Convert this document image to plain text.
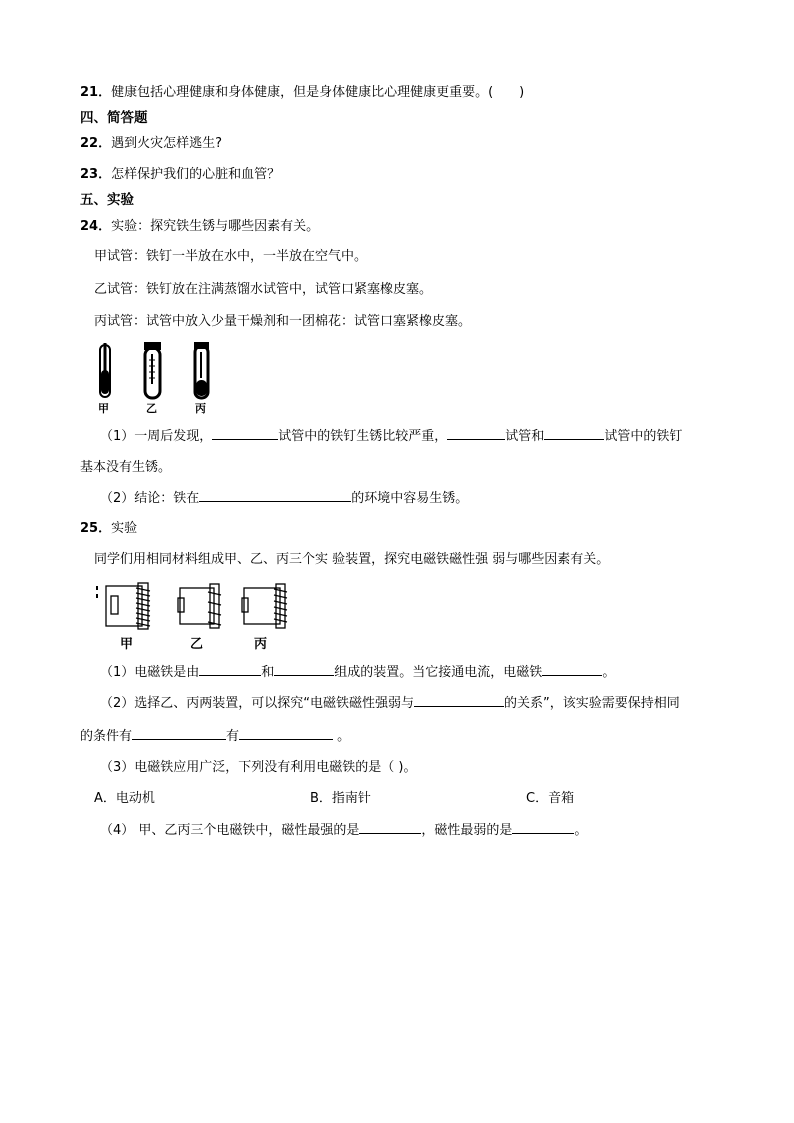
21．健康包括心理健康和身体健康，但是身体健康比心理健康更重要。( )
四、简答题
22．遇到火灾怎样逃生?
23．怎样保护我们的心脏和血管？
五、实验
24．实验：探究铁生锈与哪些因素有关。
甲试管：铁钉一半放在水中，一半放在空气中。
乙试管：铁钉放在注满蒸馏水试管中，试管口紧塞橡皮塞。
丙试管：试管中放入少量干燥剂和一团棉花：试管口塞紧橡皮塞。
甲	乙	丙
（1）一周后发现，	试管中的铁钉生锈比较严重，	试管和	试管中的铁钉
基本没有生锈。
（2）结论：铁在	的环境中容易生锈。
25．实验
同学们用相同材料组成甲、乙、丙三个实 验装置，探究电磁铁磁性强 弱与哪些因素有关。
甲	乙	丙
（1）电磁铁是由	和	组成的装置。当它接通电流，电磁铁	。
（2）选择乙、丙两装置，可以探究“电磁铁磁性强弱与	的关系”，该实验需要保持相同
的条件有	有	。
（3）电磁铁应用广泛，下列没有利用电磁铁的是（ )。
A．电动机	B．指南针	C．音箱
（4） 甲、乙丙三个电磁铁中，磁性最强的是	，磁性最弱的是	。
